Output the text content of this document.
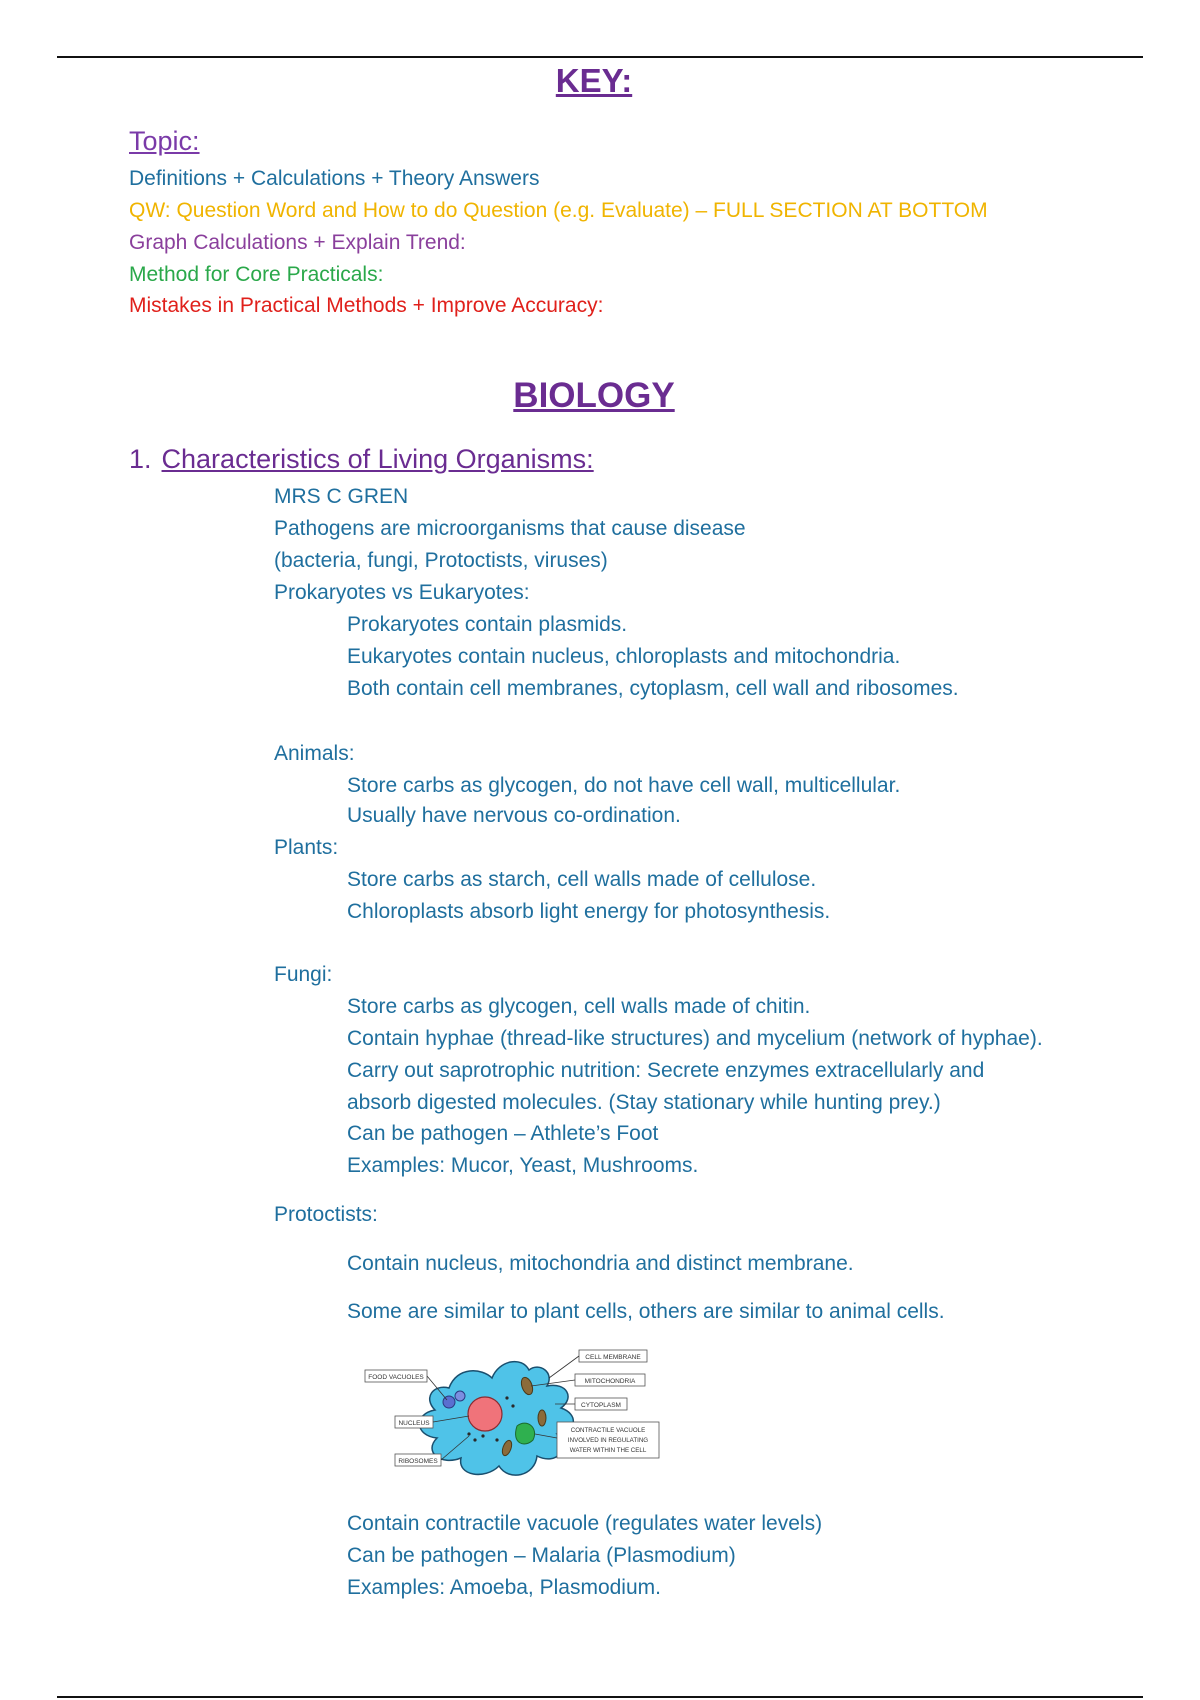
KEY:
Topic:
Definitions + Calculations + Theory Answers
QW: Question Word and How to do Question (e.g. Evaluate) – FULL SECTION AT BOTTOM
Graph Calculations + Explain Trend:
Method for Core Practicals:
Mistakes in Practical Methods + Improve Accuracy:
BIOLOGY
1. Characteristics of Living Organisms:
MRS C GREN
Pathogens are microorganisms that cause disease
(bacteria, fungi, Protoctists, viruses)
Prokaryotes vs Eukaryotes:
Prokaryotes contain plasmids.
Eukaryotes contain nucleus, chloroplasts and mitochondria.
Both contain cell membranes, cytoplasm, cell wall and ribosomes.
Animals:
Store carbs as glycogen, do not have cell wall, multicellular.
Usually have nervous co-ordination.
Plants:
Store carbs as starch, cell walls made of cellulose.
Chloroplasts absorb light energy for photosynthesis.
Fungi:
Store carbs as glycogen, cell walls made of chitin.
Contain hyphae (thread-like structures) and mycelium (network of hyphae).
Carry out saprotrophic nutrition: Secrete enzymes extracellularly and
absorb digested molecules. (Stay stationary while hunting prey.)
Can be pathogen – Athlete’s Foot
Examples: Mucor, Yeast, Mushrooms.
Protoctists:
Contain nucleus, mitochondria and distinct membrane.
Some are similar to plant cells, others are similar to animal cells.
FOOD VACUOLES
NUCLEUS
RIBOSOMES
CELL MEMBRANE
MITOCHONDRIA
CYTOPLASM
CONTRACTILE VACUOLE
INVOLVED IN REGULATING
WATER WITHIN THE CELL
Contain contractile vacuole (regulates water levels)
Can be pathogen – Malaria (Plasmodium)
Examples: Amoeba, Plasmodium.
